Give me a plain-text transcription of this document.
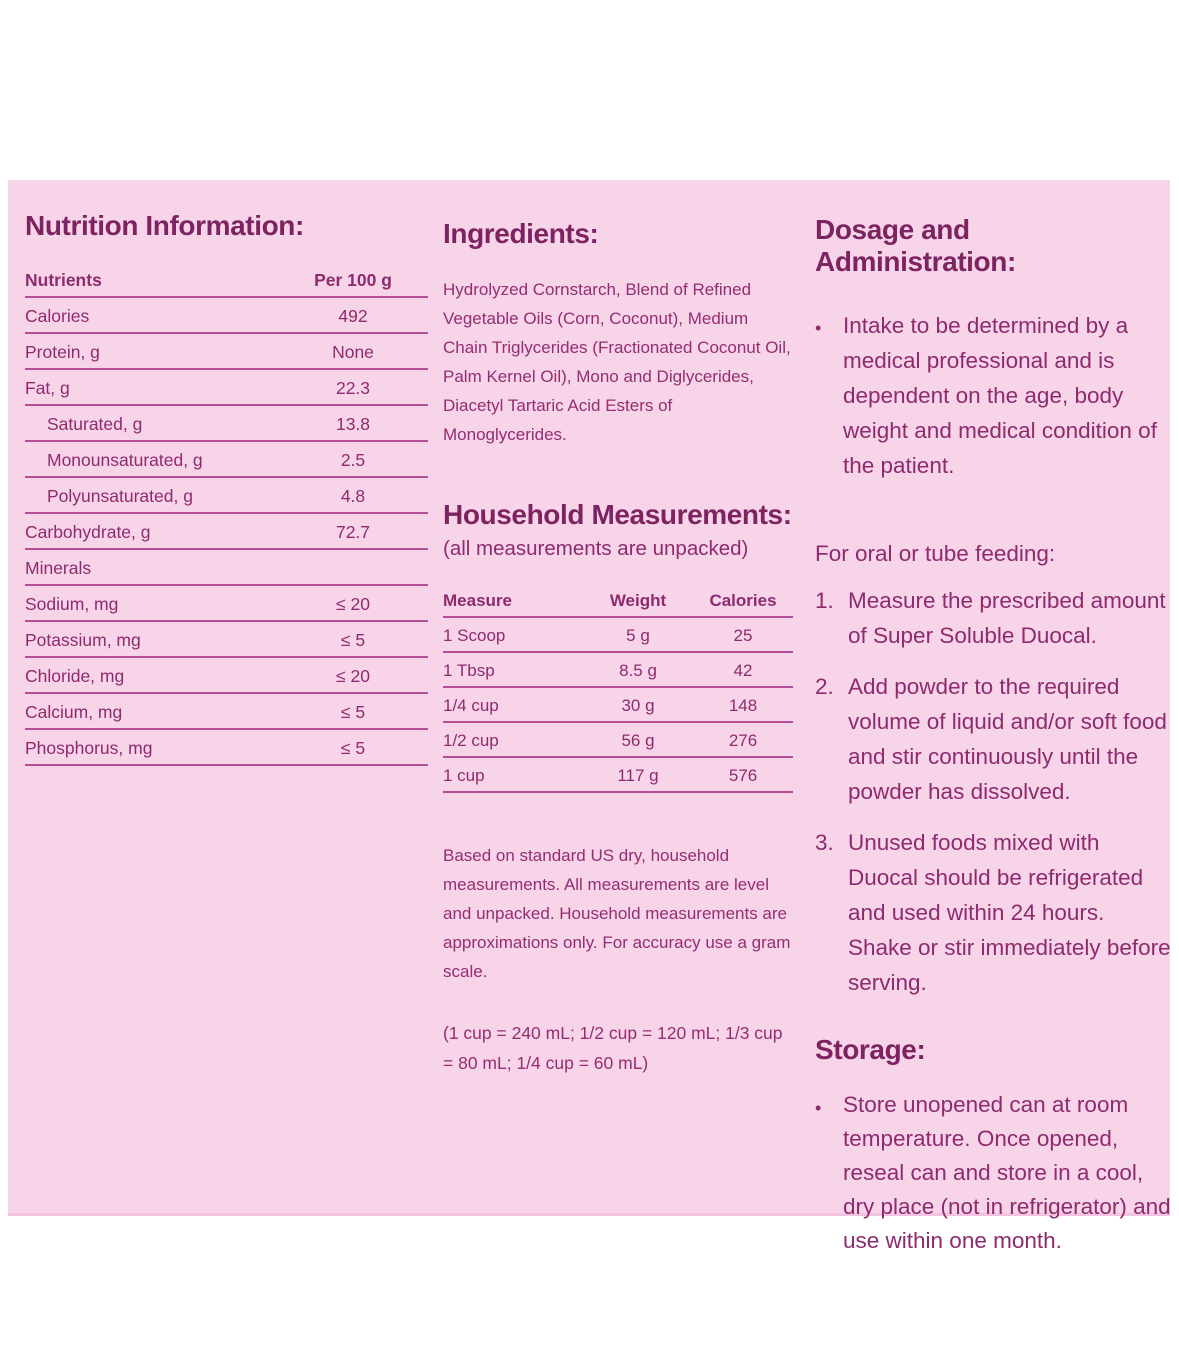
Nutrition Information:
Nutrients	Per 100 g
Calories	492
Protein, g	None
Fat, g	22.3
Saturated, g	13.8
Monounsaturated, g	2.5
Polyunsaturated, g	4.8
Carbohydrate, g	72.7
Minerals
Sodium, mg	≤ 20
Potassium, mg	≤ 5
Chloride, mg	≤ 20
Calcium, mg	≤ 5
Phosphorus, mg	≤ 5
Ingredients:

Hydrolyzed Cornstarch, Blend of Refined Vegetable Oils (Corn, Coconut), Medium Chain Triglycerides (Fractionated Coconut Oil, Palm Kernel Oil), Mono and Diglycerides, Diacetyl Tartaric Acid Esters of Monoglycerides.

Household Measurements:

(all measurements are unpacked)

Measure	Weight	Calories
1 Scoop	5 g	25
1 Tbsp	8.5 g	42
1/4 cup	30 g	148
1/2 cup	56 g	276
1 cup	117 g	576

Based on standard US dry, household measurements. All measurements are level and unpacked. Household measurements are approximations only. For accuracy use a gram scale.

(1 cup = 240 mL; 1/2 cup = 120 mL; 1/3 cup = 80 mL; 1/4 cup = 60 mL)

Dosage and Administration:
• Intake to be determined by a medical professional and is dependent on the age, body weight and medical condition of the patient.

For oral or tube feeding:

1. Measure the prescribed amount of Super Soluble Duocal.
2. Add powder to the required volume of liquid and/or soft food and stir continuously until the powder has dissolved.
3. Unused foods mixed with Duocal should be refrigerated and used within 24 hours. Shake or stir immediately before serving.
Storage:
• Store unopened can at room temperature. Once opened, reseal can and store in a cool, dry place (not in refrigerator) and use within one month.
